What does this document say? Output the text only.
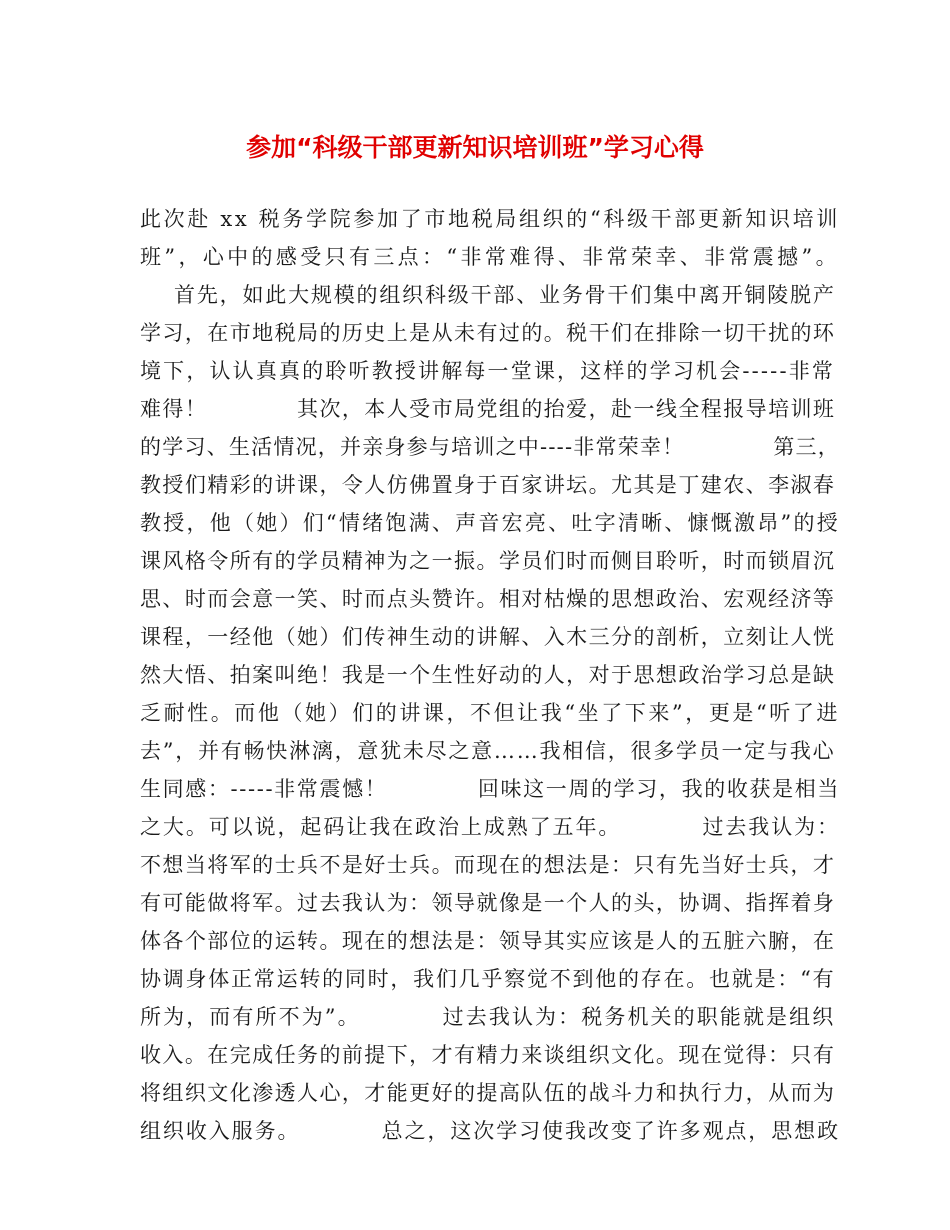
参加“科级干部更新知识培训班”学习心得
此次赴 xx 税务学院参加了市地税局组织的“科级干部更新知识培训
班”，心中的感受只有三点：“非常难得、非常荣幸、非常震撼”。
首先，如此大规模的组织科级干部、业务骨干们集中离开铜陵脱产
学习，在市地税局的历史上是从未有过的。税干们在排除一切干扰的环
境下，认认真真的聆听教授讲解每一堂课，这样的学习机会-----非常
难得！　　　　其次，本人受市局党组的抬爱，赴一线全程报导培训班
的学习、生活情况，并亲身参与培训之中----非常荣幸！　　　　第三，
教授们精彩的讲课，令人仿佛置身于百家讲坛。尤其是丁建农、李淑春
教授，他（她）们“情绪饱满、声音宏亮、吐字清晰、慷慨激昂”的授
课风格令所有的学员精神为之一振。学员们时而侧目聆听，时而锁眉沉
思、时而会意一笑、时而点头赞许。相对枯燥的思想政治、宏观经济等
课程，一经他（她）们传神生动的讲解、入木三分的剖析，立刻让人恍
然大悟、拍案叫绝！我是一个生性好动的人，对于思想政治学习总是缺
乏耐性。而他（她）们的讲课，不但让我“坐了下来”，更是“听了进
去”，并有畅快淋漓，意犹未尽之意……我相信，很多学员一定与我心
生同感：-----非常震憾！　　　　回味这一周的学习，我的收获是相当
之大。可以说，起码让我在政治上成熟了五年。　　　　过去我认为：
不想当将军的士兵不是好士兵。而现在的想法是：只有先当好士兵，才
有可能做将军。过去我认为：领导就像是一个人的头，协调、指挥着身
体各个部位的运转。现在的想法是：领导其实应该是人的五脏六腑，在
协调身体正常运转的同时，我们几乎察觉不到他的存在。也就是：“有
所为，而有所不为”。　　　　过去我认为：税务机关的职能就是组织
收入。在完成任务的前提下，才有精力来谈组织文化。现在觉得：只有
将组织文化渗透人心，才能更好的提高队伍的战斗力和执行力，从而为
组织收入服务。　　　　总之，这次学习使我改变了许多观点，思想政
